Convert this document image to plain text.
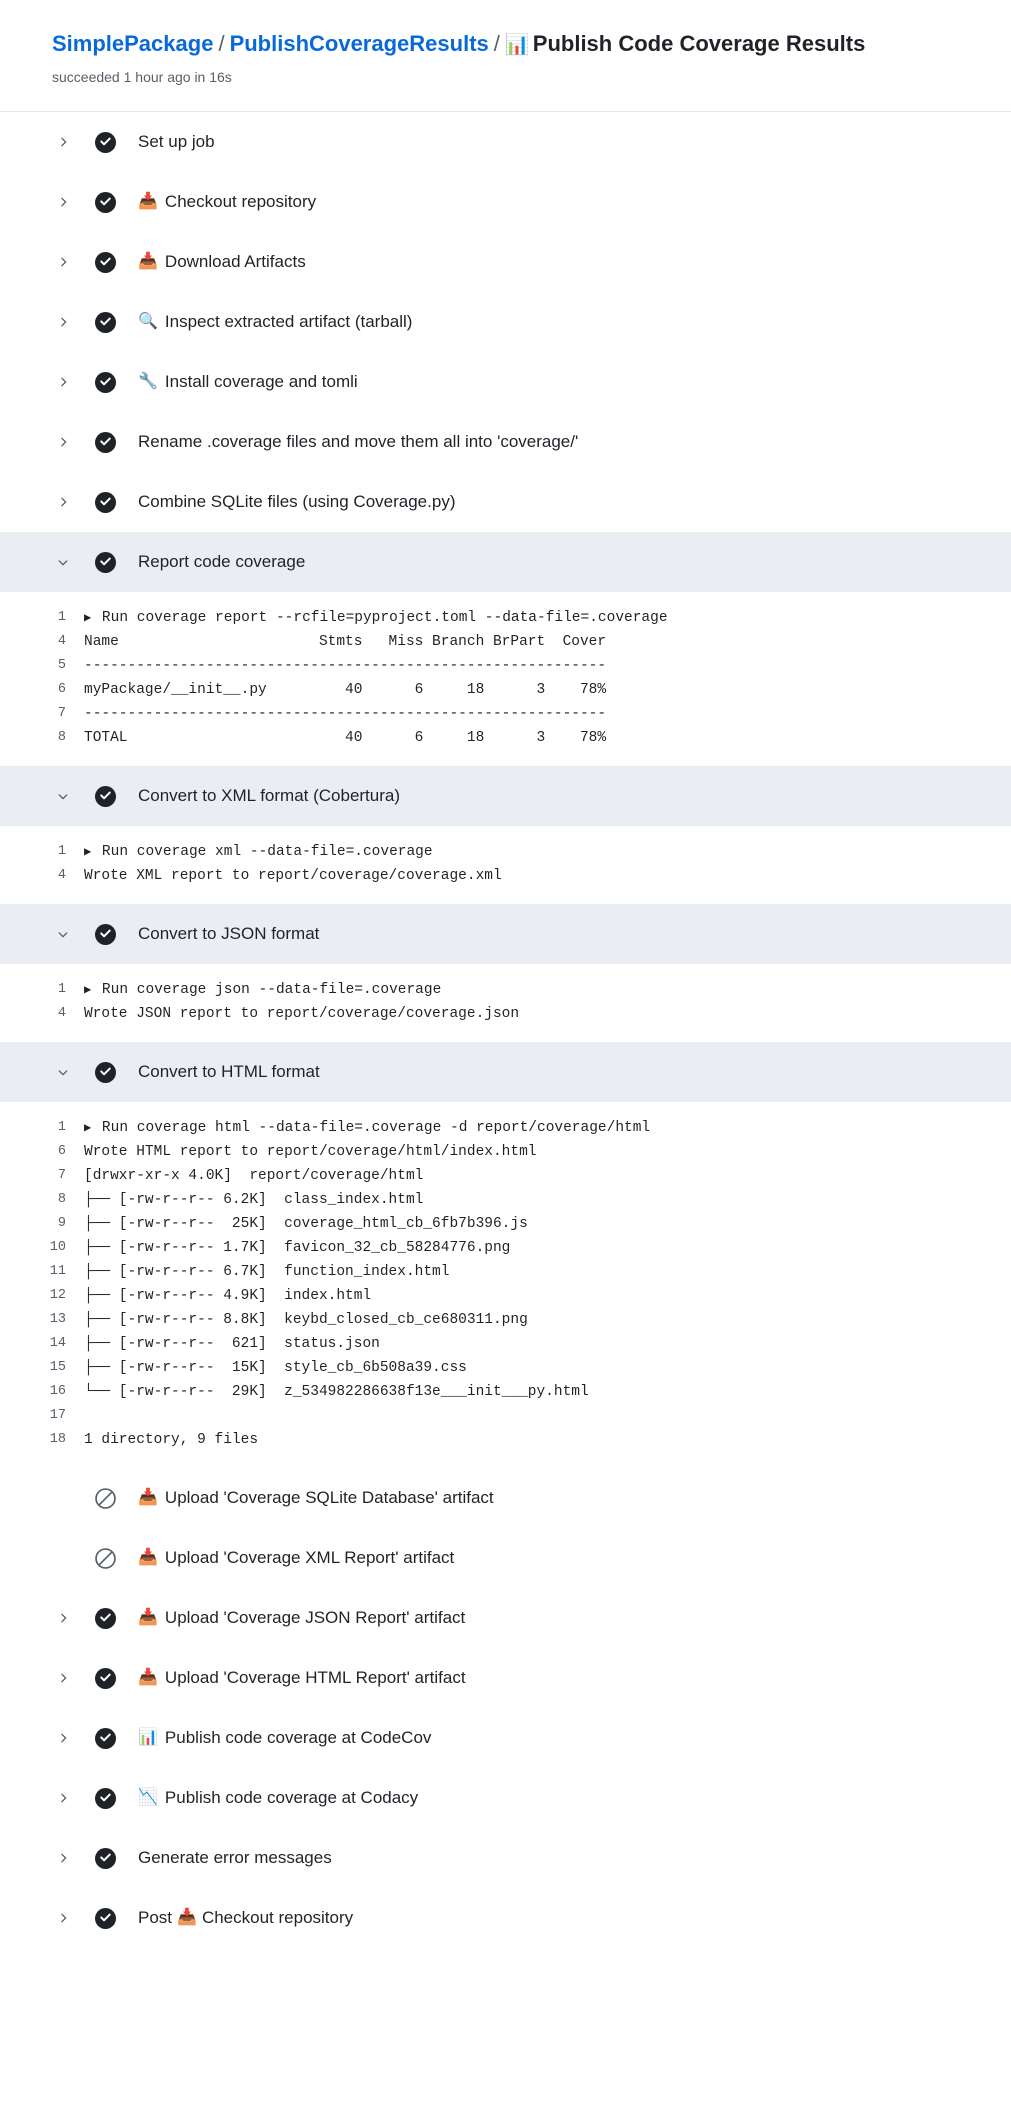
SimplePackage / PublishCoverageResults / 📊 Publish Code Coverage Results
succeeded 1 hour ago in 16s
Set up job
📥 Checkout repository
📥 Download Artifacts
🔍 Inspect extracted artifact (tarball)
🔧 Install coverage and tomli
Rename .coverage files and move them all into 'coverage/'
Combine SQLite files (using Coverage.py)
Report code coverage
1	▶ Run coverage report --rcfile=pyproject.toml --data-file=.coverage
4	Name                       Stmts   Miss Branch BrPart  Cover
5	------------------------------------------------------------
6	myPackage/__init__.py         40      6     18      3    78%
7	------------------------------------------------------------
8	TOTAL                         40      6     18      3    78%
Convert to XML format (Cobertura)
1	▶ Run coverage xml --data-file=.coverage
4	Wrote XML report to report/coverage/coverage.xml
Convert to JSON format
1	▶ Run coverage json --data-file=.coverage
4	Wrote JSON report to report/coverage/coverage.json
Convert to HTML format
1	▶ Run coverage html --data-file=.coverage -d report/coverage/html
6	Wrote HTML report to report/coverage/html/index.html
7	[drwxr-xr-x 4.0K]  report/coverage/html
8	├── [-rw-r--r-- 6.2K]  class_index.html
9	├── [-rw-r--r--  25K]  coverage_html_cb_6fb7b396.js
10	├── [-rw-r--r-- 1.7K]  favicon_32_cb_58284776.png
11	├── [-rw-r--r-- 6.7K]  function_index.html
12	├── [-rw-r--r-- 4.9K]  index.html
13	├── [-rw-r--r-- 8.8K]  keybd_closed_cb_ce680311.png
14	├── [-rw-r--r--  621]  status.json
15	├── [-rw-r--r--  15K]  style_cb_6b508a39.css
16	└── [-rw-r--r--  29K]  z_534982286638f13e___init___py.html
17
18	1 directory, 9 files
📥 Upload 'Coverage SQLite Database' artifact
📥 Upload 'Coverage XML Report' artifact
📥 Upload 'Coverage JSON Report' artifact
📥 Upload 'Coverage HTML Report' artifact
📊 Publish code coverage at CodeCov
📉 Publish code coverage at Codacy
Generate error messages
Post 📥 Checkout repository
